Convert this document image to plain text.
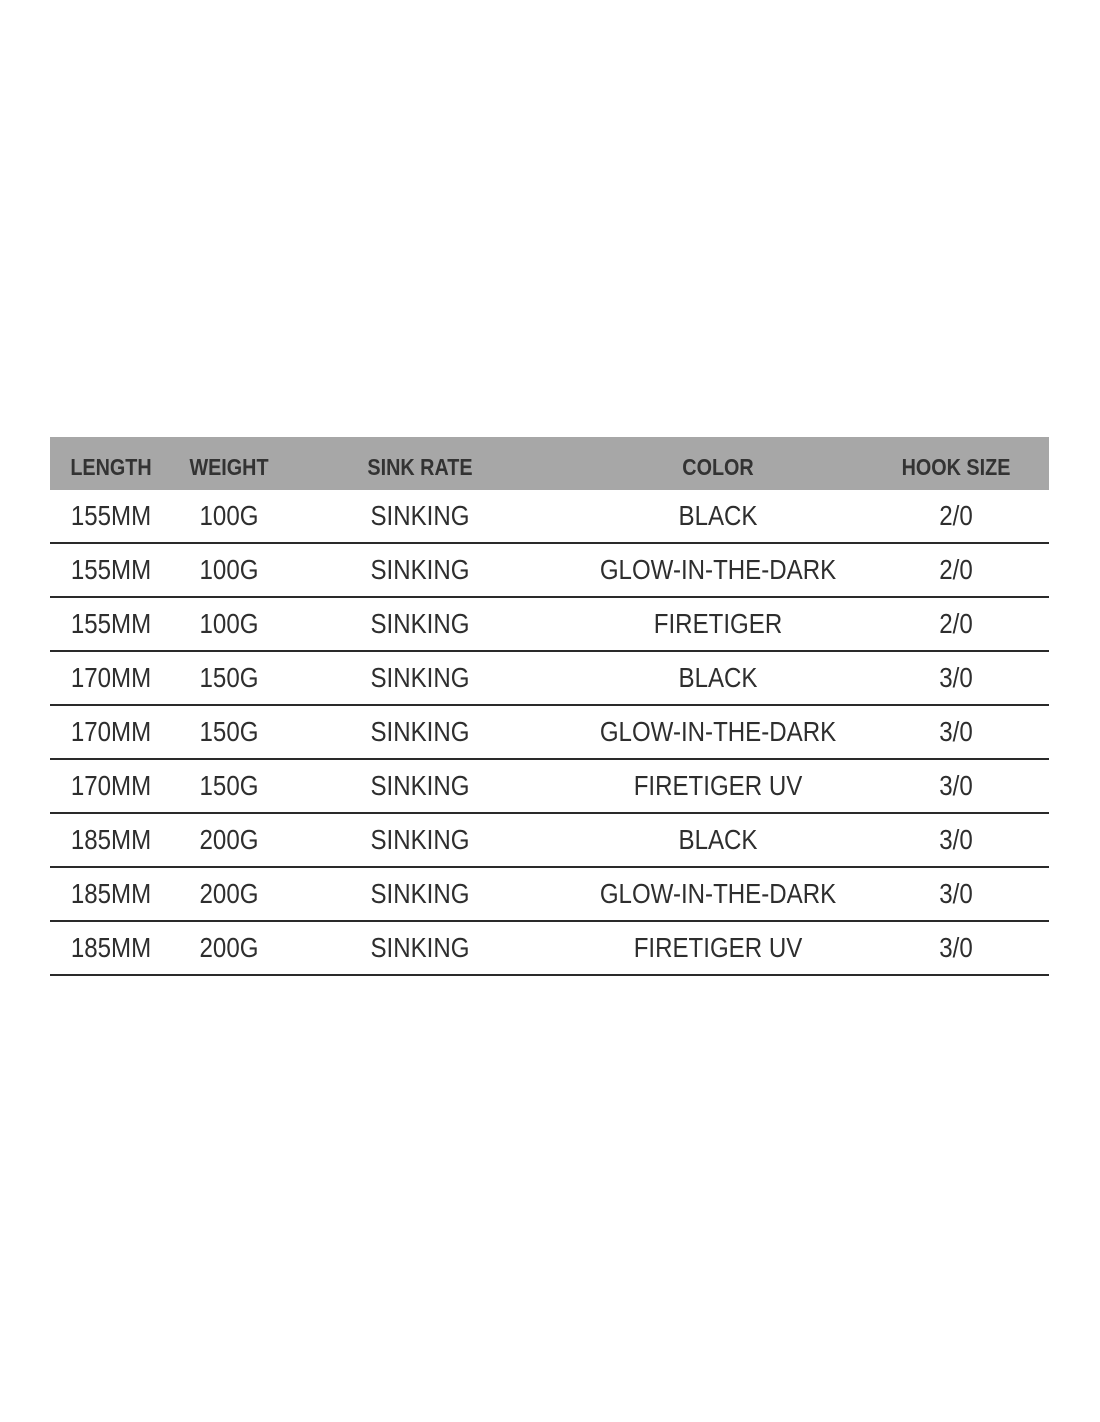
LENGTH	WEIGHT	SINK RATE	COLOR	HOOK SIZE
155MM	100G	SINKING	BLACK	2/0
155MM	100G	SINKING	GLOW-IN-THE-DARK	2/0
155MM	100G	SINKING	FIRETIGER	2/0
170MM	150G	SINKING	BLACK	3/0
170MM	150G	SINKING	GLOW-IN-THE-DARK	3/0
170MM	150G	SINKING	FIRETIGER UV	3/0
185MM	200G	SINKING	BLACK	3/0
185MM	200G	SINKING	GLOW-IN-THE-DARK	3/0
185MM	200G	SINKING	FIRETIGER UV	3/0
